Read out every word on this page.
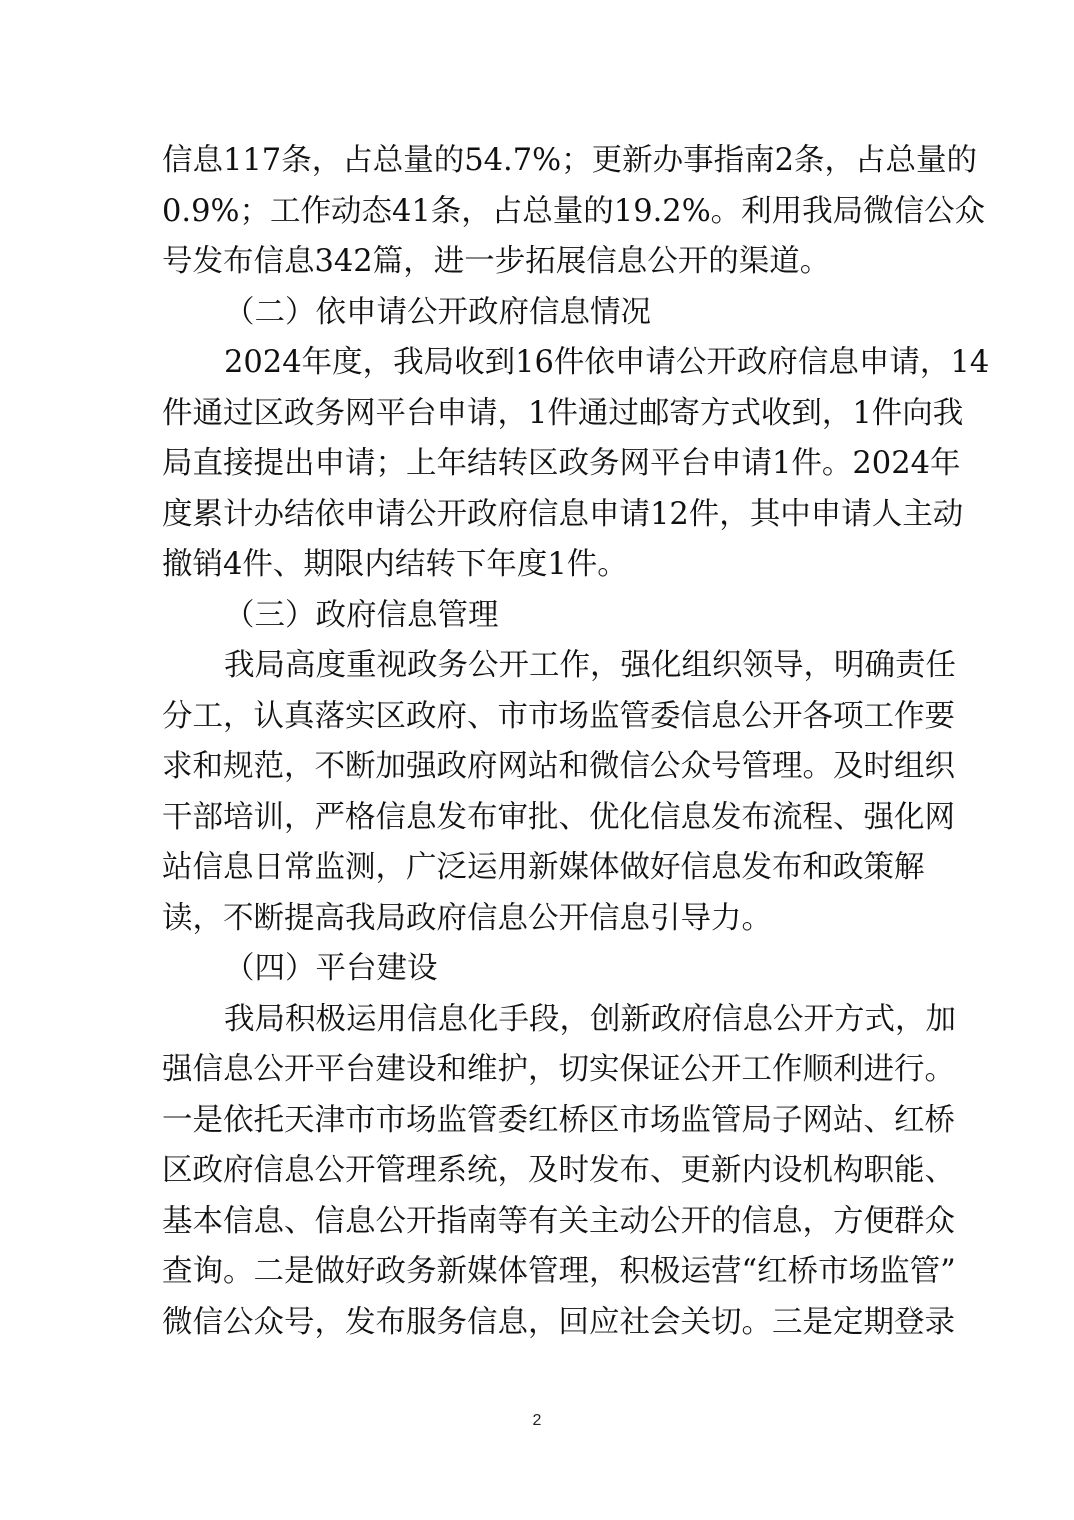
信息117条，占总量的54.7%；更新办事指南2条，占总量的
0.9%；工作动态41条，占总量的19.2%。利用我局微信公众
号发布信息342篇，进一步拓展信息公开的渠道。
（二）依申请公开政府信息情况
2024年度，我局收到16件依申请公开政府信息申请，14
件通过区政务网平台申请，1件通过邮寄方式收到，1件向我
局直接提出申请；上年结转区政务网平台申请1件。2024年
度累计办结依申请公开政府信息申请12件，其中申请人主动
撤销4件、期限内结转下年度1件。
（三）政府信息管理
我局高度重视政务公开工作，强化组织领导，明确责任
分工，认真落实区政府、市市场监管委信息公开各项工作要
求和规范，不断加强政府网站和微信公众号管理。及时组织
干部培训，严格信息发布审批、优化信息发布流程、强化网
站信息日常监测，广泛运用新媒体做好信息发布和政策解
读，不断提高我局政府信息公开信息引导力。
（四）平台建设
我局积极运用信息化手段，创新政府信息公开方式，加
强信息公开平台建设和维护，切实保证公开工作顺利进行。
一是依托天津市市场监管委红桥区市场监管局子网站、红桥
区政府信息公开管理系统，及时发布、更新内设机构职能、
基本信息、信息公开指南等有关主动公开的信息，方便群众
查询。二是做好政务新媒体管理，积极运营“红桥市场监管”
微信公众号，发布服务信息，回应社会关切。三是定期登录
2
